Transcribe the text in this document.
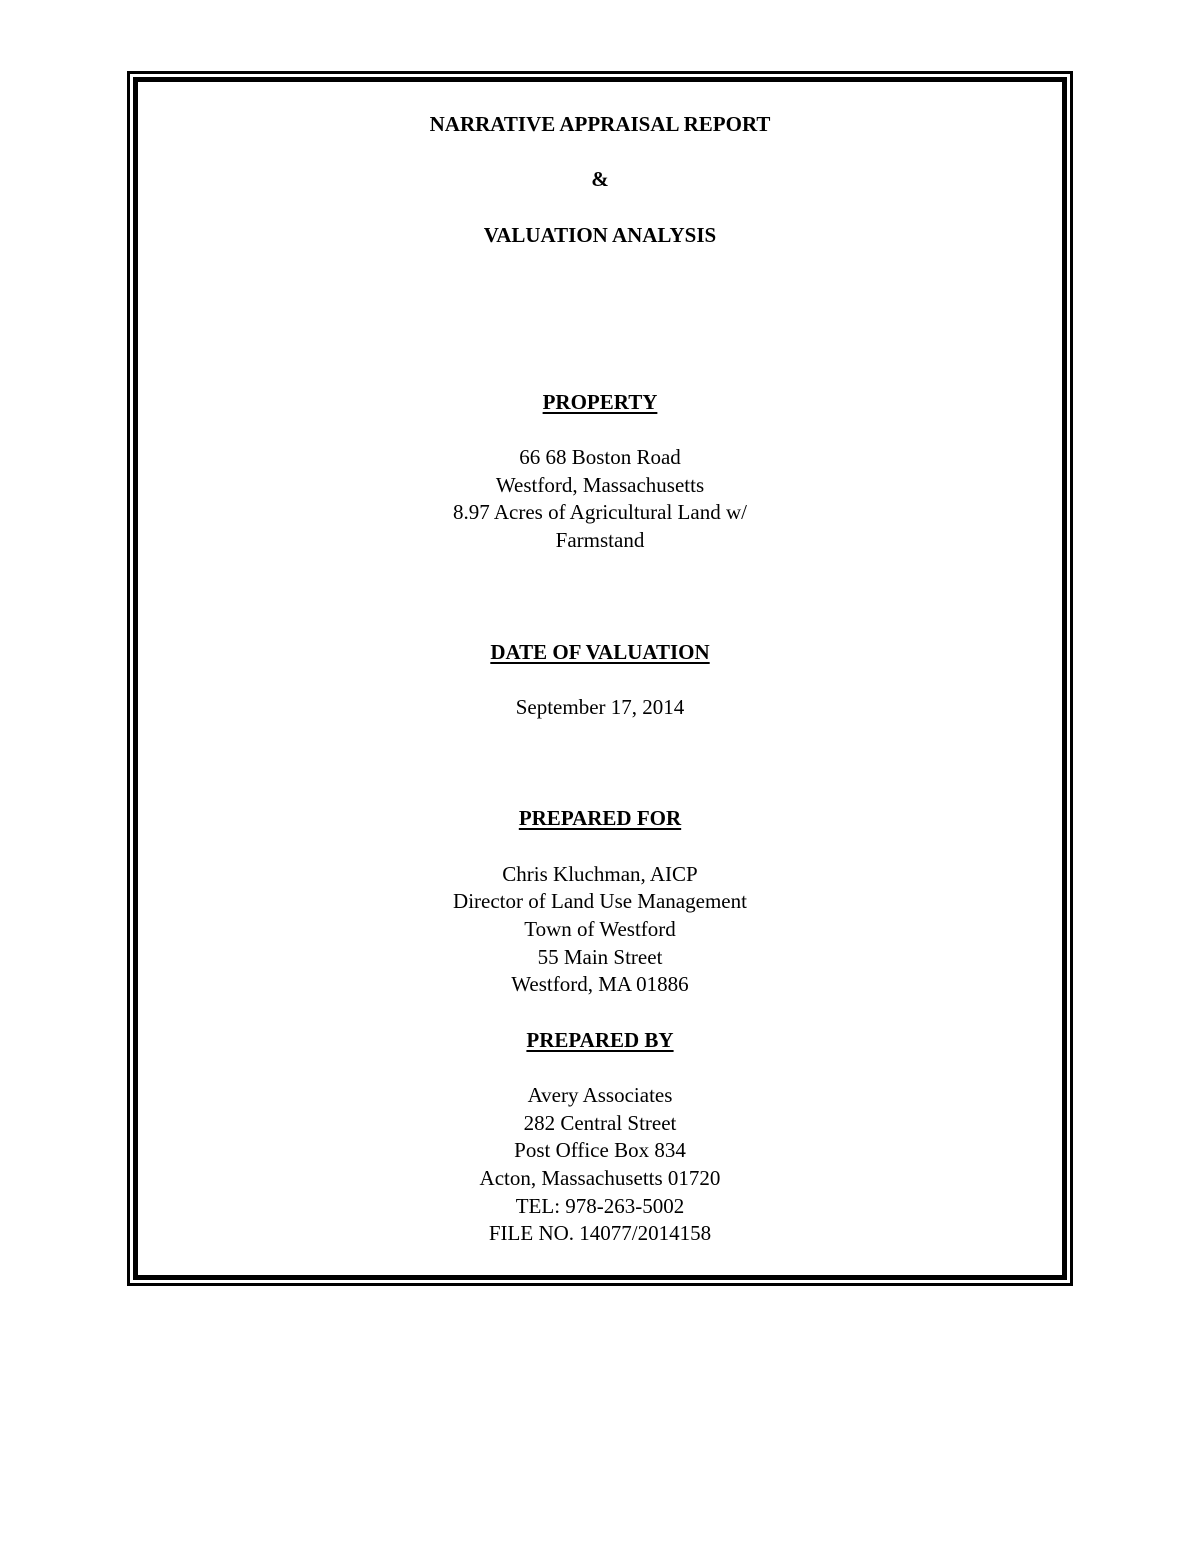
NARRATIVE APPRAISAL REPORT
&
VALUATION ANALYSIS
PROPERTY
66 68 Boston Road
Westford, Massachusetts
8.97 Acres of Agricultural Land w/
Farmstand
DATE OF VALUATION
September 17, 2014
PREPARED FOR
Chris Kluchman, AICP
Director of Land Use Management
Town of Westford
55 Main Street
Westford, MA 01886
PREPARED BY
Avery Associates
282 Central Street
Post Office Box 834
Acton, Massachusetts 01720
TEL: 978-263-5002
FILE NO. 14077/2014158
